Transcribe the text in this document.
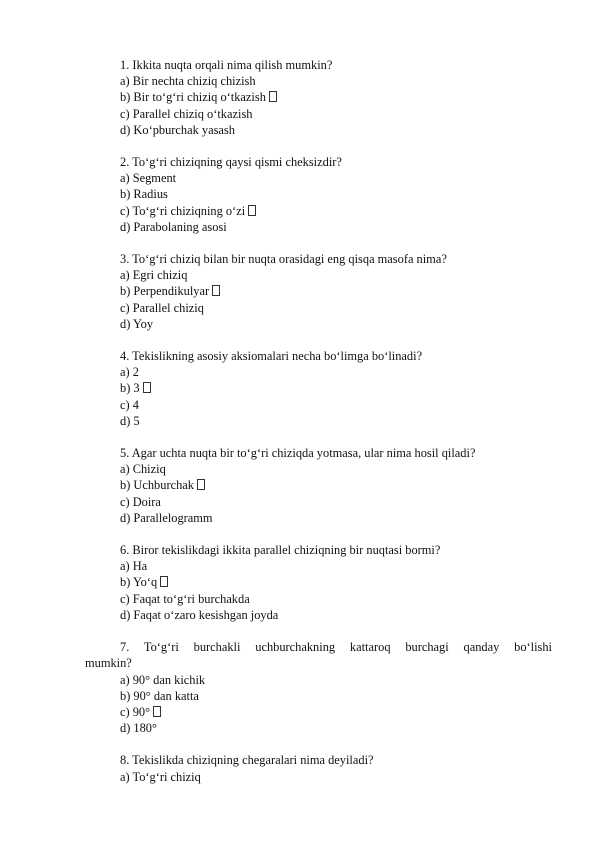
1. Ikkita nuqta orqali nima qilish mumkin?

a) Bir nechta chiziq chizish
b) Bir to‘g‘ri chiziq o‘tkazish
c) Parallel chiziq o‘tkazish
d) Ko‘pburchak yasash

2. To‘g‘ri chiziqning qaysi qismi cheksizdir?

a) Segment
b) Radius
c) To‘g‘ri chiziqning o‘zi
d) Parabolaning asosi

3. To‘g‘ri chiziq bilan bir nuqta orasidagi eng qisqa masofa nima?

a) Egri chiziq
b) Perpendikulyar
c) Parallel chiziq
d) Yoy

4. Tekislikning asosiy aksiomalari necha bo‘limga bo‘linadi?

a) 2
b) 3
c) 4
d) 5

5. Agar uchta nuqta bir to‘g‘ri chiziqda yotmasa, ular nima hosil qiladi?

a) Chiziq
b) Uchburchak
c) Doira
d) Parallelogramm

6. Biror tekislikdagi ikkita parallel chiziqning bir nuqtasi bormi?

a) Ha
b) Yo‘q
c) Faqat to‘g‘ri burchakda
d) Faqat o‘zaro kesishgan joyda

7. To‘g‘ri burchakli uchburchakning kattaroq burchagi qanday bo‘lishi mumkin?

a) 90° dan kichik
b) 90° dan katta
c) 90°
d) 180°

8. Tekislikda chiziqning chegaralari nima deyiladi?

a) To‘g‘ri chiziq
